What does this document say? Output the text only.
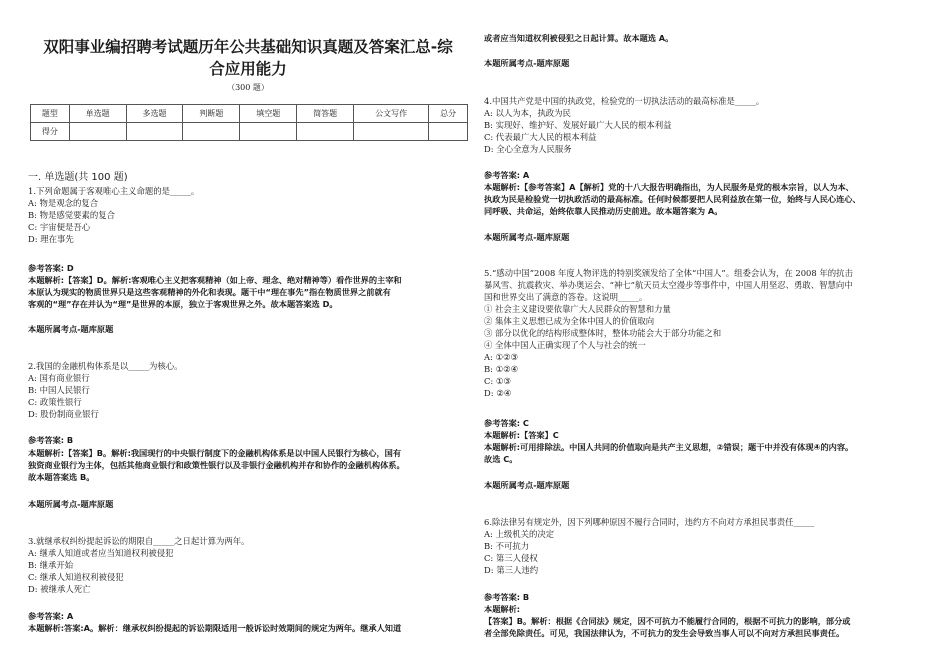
双阳事业编招聘考试题历年公共基础知识真题及答案汇总-综
合应用能力
（300 题）
题型	单选题	多选题	判断题	填空题	简答题	公文写作	总分
得分							
一. 单选题(共 100 题)
1.下列命题属于客观唯心主义命题的是_____。
A: 物是观念的复合
B: 物是感觉要素的复合
C: 宇宙便是吾心
D: 理在事先
参考答案: D
本题解析:【答案】D。解析:客观唯心主义把客观精神（如上帝、理念、绝对精神等）看作世界的主宰和
本原认为现实的物质世界只是这些客观精神的外化和表现。题干中“理在事先”指在物质世界之前就有
客观的“理”存在并认为“理”是世界的本原，独立于客观世界之外。故本题答案选 D。
本题所属考点-题库原题
2.我国的金融机构体系是以_____为核心。
A: 国有商业银行
B: 中国人民银行
C: 政策性银行
D: 股份制商业银行
参考答案: B
本题解析:【答案】B。解析:我国现行的中央银行制度下的金融机构体系是以中国人民银行为核心，国有
独资商业银行为主体，包括其他商业银行和政策性银行以及非银行金融机构并存和协作的金融机构体系。
故本题答案选 B。
本题所属考点-题库原题
3.就继承权纠纷提起诉讼的期限自_____之日起计算为两年。
A: 继承人知道或者应当知道权利被侵犯
B: 继承开始
C: 继承人知道权利被侵犯
D: 被继承人死亡
参考答案: A
本题解析:答案:A。解析：继承权纠纷提起的诉讼期限适用一般诉讼时效期间的规定为两年。继承人知道
或者应当知道权利被侵犯之日起计算。故本题选 A。
本题所属考点-题库原题
4.中国共产党是中国的执政党，检验党的一切执法活动的最高标准是_____。
A: 以人为本，执政为民
B: 实现好、维护好、发展好最广大人民的根本利益
C: 代表最广大人民的根本利益
D: 全心全意为人民服务
参考答案: A
本题解析:【参考答案】A【解析】党的十八大报告明确指出，为人民服务是党的根本宗旨，以人为本、
执政为民是检验党一切执政活动的最高标准。任何时候都要把人民利益放在第一位，始终与人民心连心、
同呼吸、共命运，始终依靠人民推动历史前进。故本题答案为 A。
本题所属考点-题库原题
5.“感动中国”2008 年度人物评选的特别奖颁发给了全体“中国人”。组委会认为，在 2008 年的抗击
暴风雪、抗震救灾、举办奥运会、“神七”航天员太空漫步等事件中，中国人用坚忍、勇敢、智慧向中
国和世界交出了满意的答卷。这说明_____。
① 社会主义建设要依靠广大人民群众的智慧和力量
② 集体主义思想已成为全体中国人的价值取向
③ 部分以优化的结构形成整体时，整体功能会大于部分功能之和
④ 全体中国人正确实现了个人与社会的统一
A: ①②③
B: ①②④
C: ①③
D: ②④
参考答案: C
本题解析:【答案】C
本题解析:可用排除法。中国人共同的价值取向是共产主义思想，②错误；题干中并没有体现④的内容。
故选 C。
本题所属考点-题库原题
6.除法律另有规定外，因下列哪种原因不履行合同时，违约方不向对方承担民事责任_____
A: 上级机关的决定
B: 不可抗力
C: 第三人侵权
D: 第三人违约
参考答案: B
本题解析:
【答案】B。解析：根据《合同法》规定，因不可抗力不能履行合同的，根据不可抗力的影响，部分或
者全部免除责任。可见，我国法律认为，不可抗力的发生会导致当事人可以不向对方承担民事责任。
